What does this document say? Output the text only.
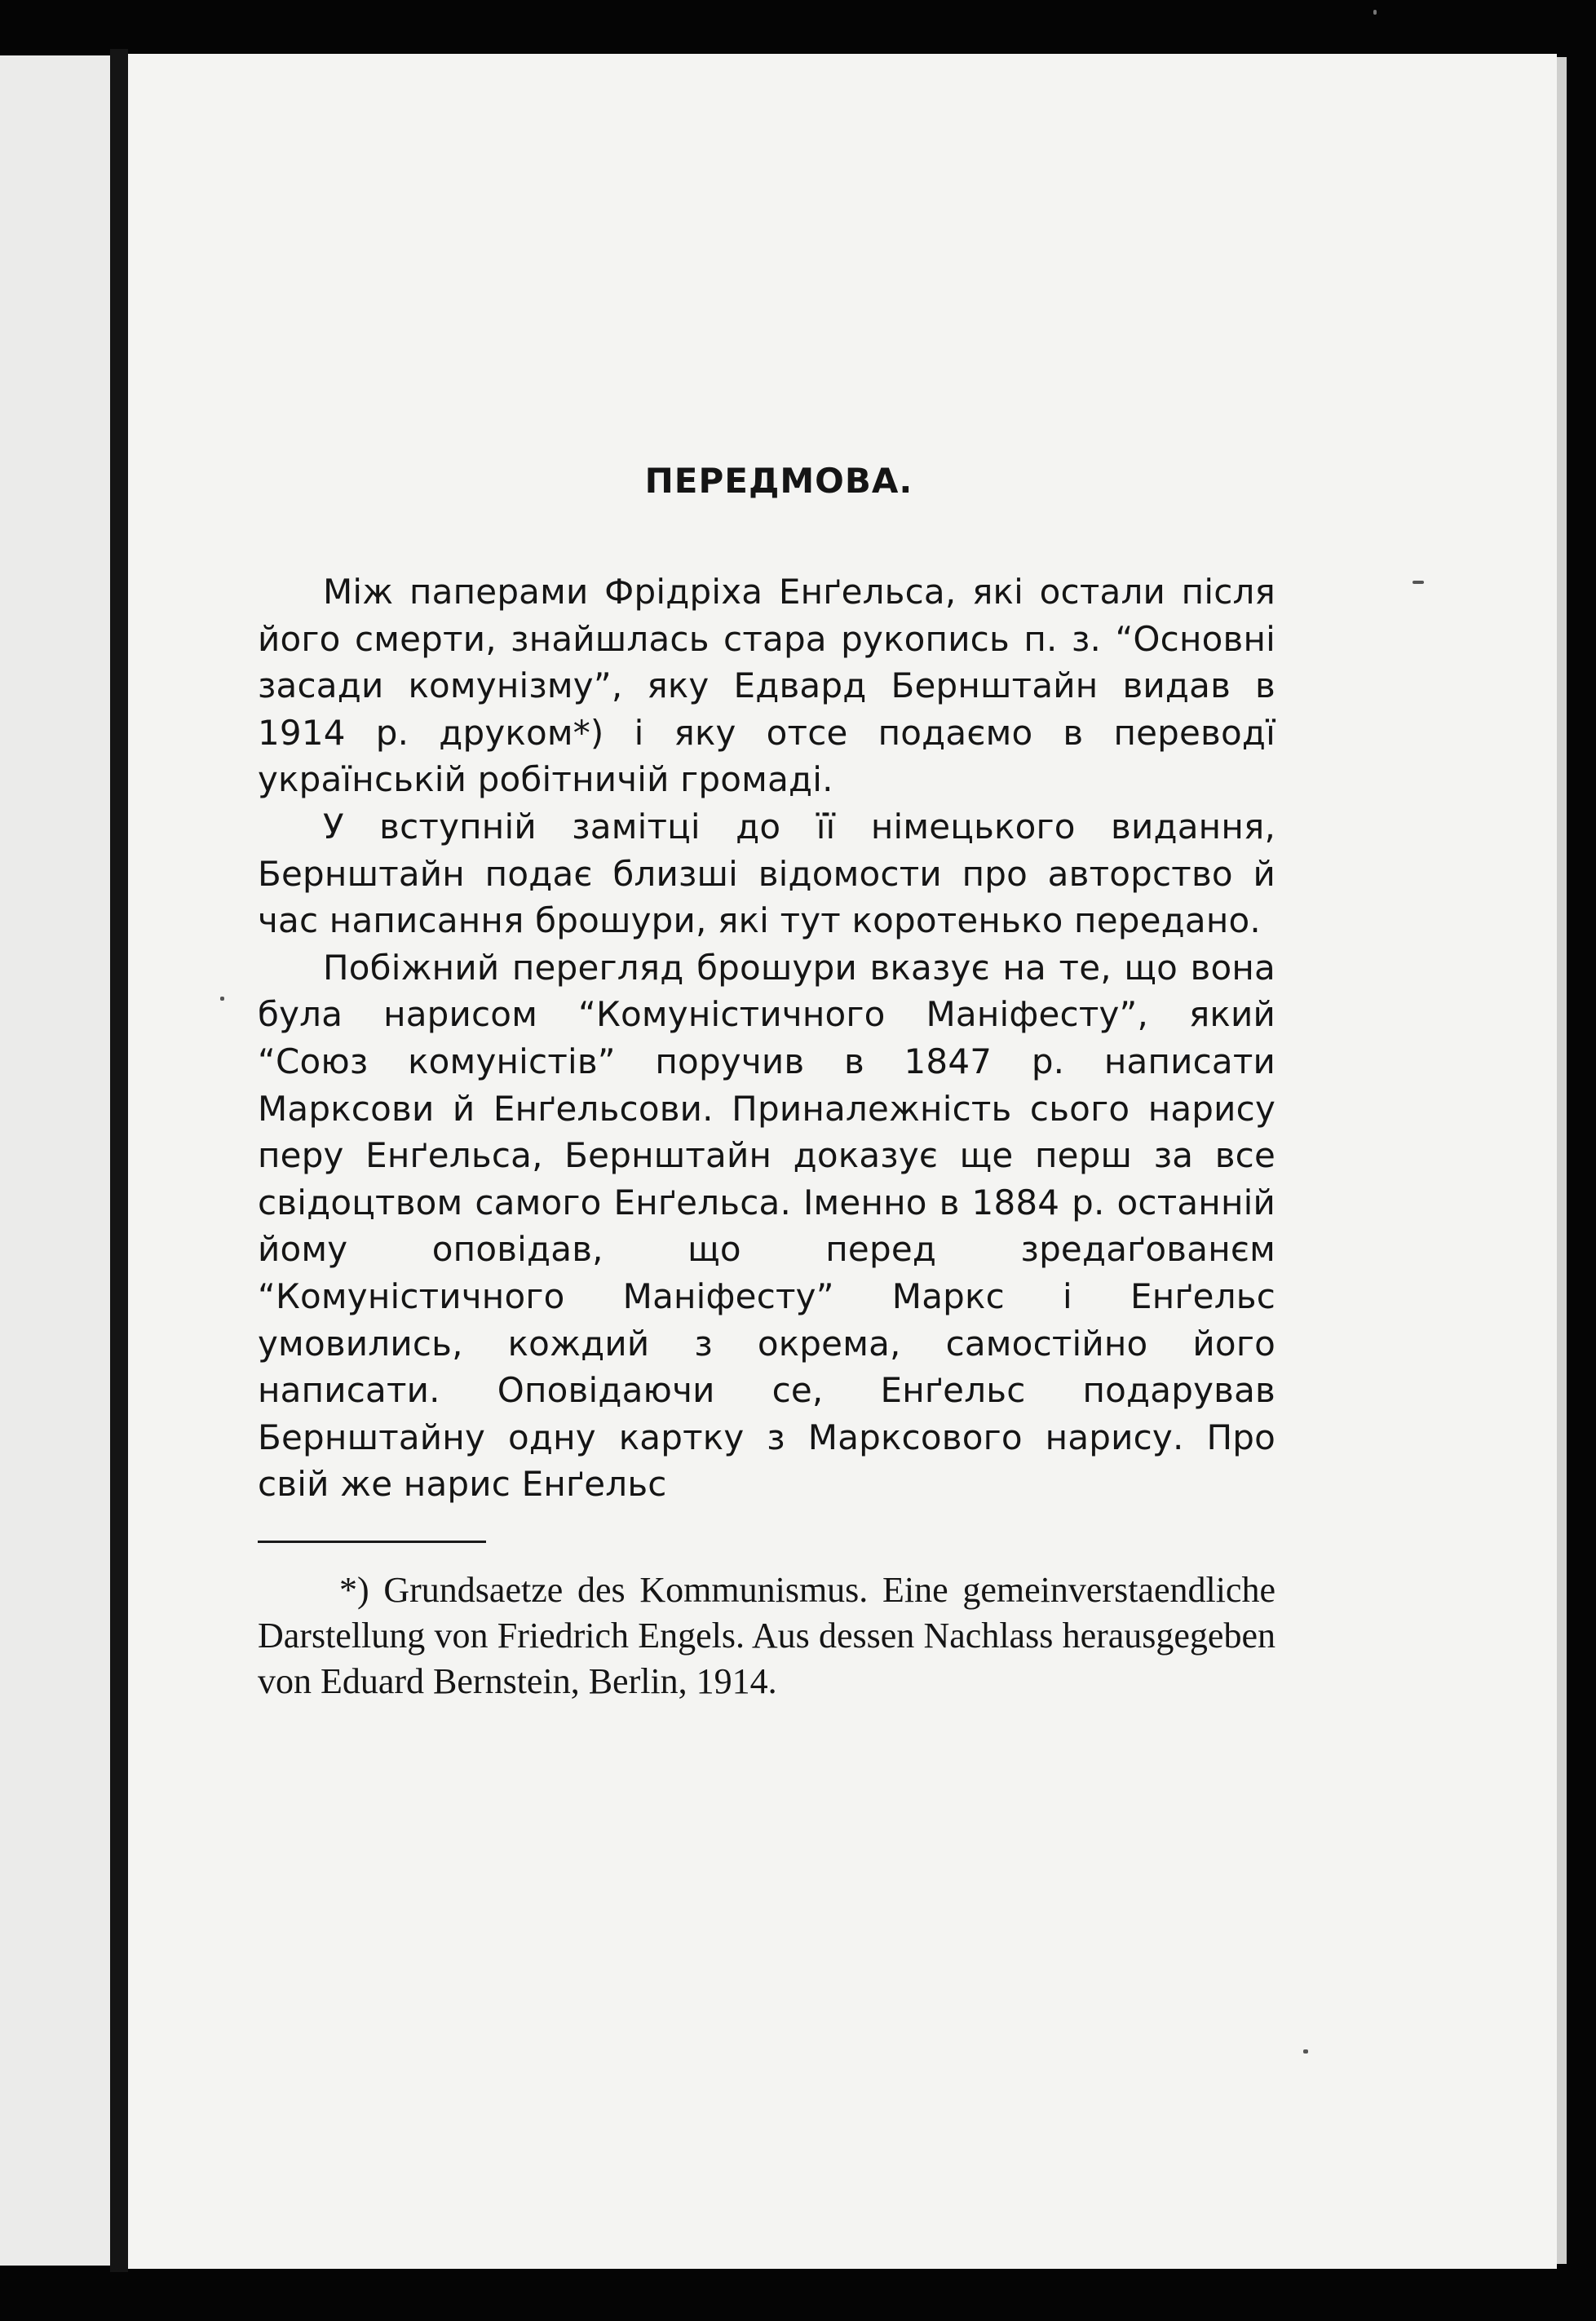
ПЕРЕДМОВА.

Між паперами Фрідріха Енґельса, які остали після його смерти, знайшлась стара рукопись п. з. “Основні засади комунізму”, яку Едвард Бернштайн видав в 1914 р. друком*) і яку отсе подаємо в переводї українській робітничій громаді.

У вступній замітці до її німецького видання, Бернштайн подає близші відомости про авторство й час написання брошури, які тут коротенько передано.

Побіжний перегляд брошури вказує на те, що вона була нарисом “Комуністичного Маніфесту”, який “Союз комуністів” поручив в 1847 р. написати Марксови й Енґельсови. Приналежність сього нарису перу Енґельса, Бернштайн доказує ще перш за все свідоцтвом самого Енґельса. Іменно в 1884 р. останній йому оповідав, що перед зредаґованєм “Комуністичного Маніфесту” Маркс і Енґельс умовились, кождий з окрема, самостійно його написати. Оповідаючи се, Енґельс подарував Бернштайну одну картку з Марксового нарису. Про свій же нарис Енґельс

*) Grundsaetze des Kommunismus. Eine gemeinverstaendliche Darstellung von Friedrich Engels. Aus dessen Nachlass herausgegeben von Eduard Bernstein, Berlin, 1914.
